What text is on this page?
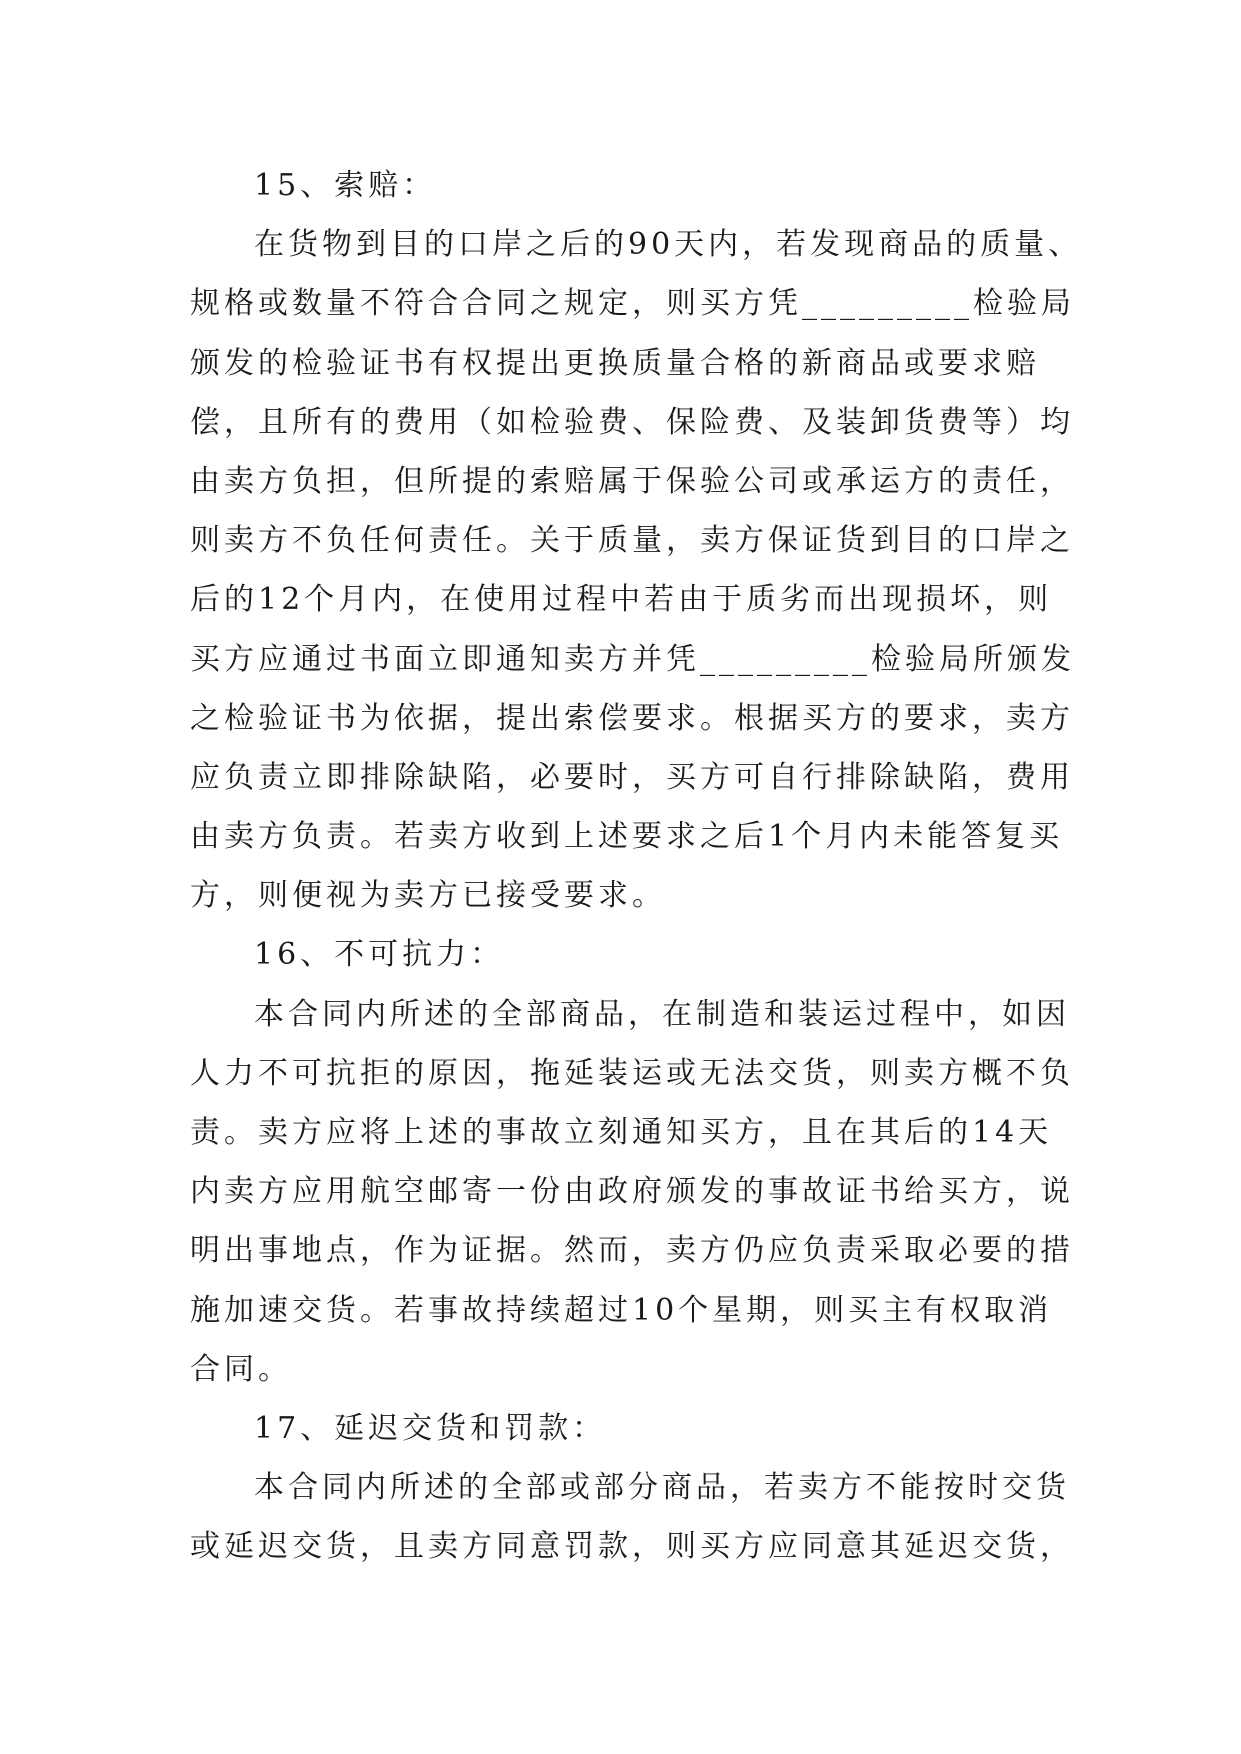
15、索赔：
在货物到目的口岸之后的90天内，若发现商品的质量、
规格或数量不符合合同之规定，则买方凭_________检验局
颁发的检验证书有权提出更换质量合格的新商品或要求赔
偿，且所有的费用（如检验费、保险费、及装卸货费等）均
由卖方负担，但所提的索赔属于保验公司或承运方的责任，
则卖方不负任何责任。关于质量，卖方保证货到目的口岸之
后的12个月内，在使用过程中若由于质劣而出现损坏，则
买方应通过书面立即通知卖方并凭_________检验局所颁发
之检验证书为依据，提出索偿要求。根据买方的要求，卖方
应负责立即排除缺陷，必要时，买方可自行排除缺陷，费用
由卖方负责。若卖方收到上述要求之后1个月内未能答复买
方，则便视为卖方已接受要求。
16、不可抗力：
本合同内所述的全部商品，在制造和装运过程中，如因
人力不可抗拒的原因，拖延装运或无法交货，则卖方概不负
责。卖方应将上述的事故立刻通知买方，且在其后的14天
内卖方应用航空邮寄一份由政府颁发的事故证书给买方，说
明出事地点，作为证据。然而，卖方仍应负责采取必要的措
施加速交货。若事故持续超过10个星期，则买主有权取消
合同。
17、延迟交货和罚款：
本合同内所述的全部或部分商品，若卖方不能按时交货
或延迟交货，且卖方同意罚款，则买方应同意其延迟交货，
